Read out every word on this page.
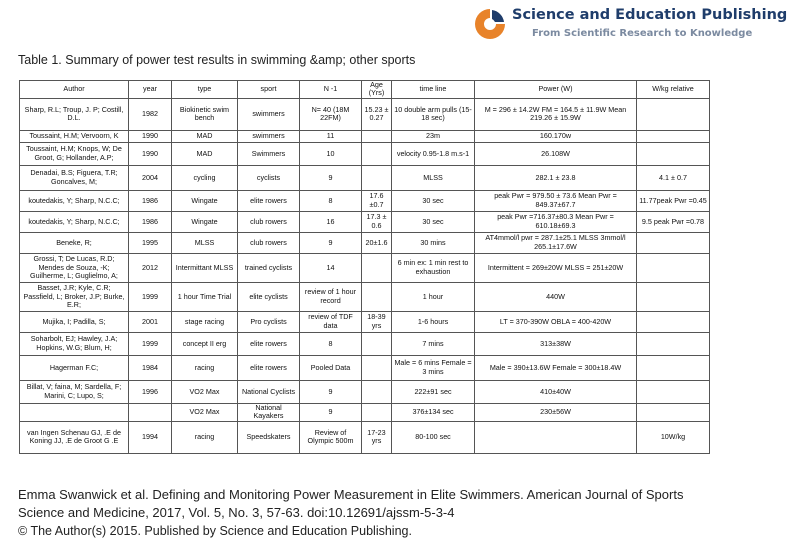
Science and Education Publishing
From Scientific Research to Knowledge
Table 1. Summary of power test results in swimming &amp; other sports
Author	year	type	sport	N -1	Age (Yrs)	time line	Power (W)	W/kg relative
Sharp, R.L; Troup, J. P; Costill, D.L.	1982	Biokinetic swim bench	swimmers	N= 40 (18M 22FM)	15.23 ± 0.27	10 double arm pulls (15-18 sec)	M = 296 ± 14.2W FM = 164.5 ± 11.9W Mean 219.26 ± 15.9W	
Toussaint, H.M; Vervoorn, K	1990	MAD	swimmers	11		23m	160.170w	
Toussaint, H.M; Knops, W; De Groot, G; Hollander, A.P;	1990	MAD	Swimmers	10		velocity 0.95-1.8 m.s-1	26.108W	
Denadai, B.S; Figuera, T.R; Goncalves, M;	2004	cycling	cyclists	9		MLSS	282.1 ± 23.8	4.1 ± 0.7
koutedakis, Y; Sharp, N.C.C;	1986	Wingate	elite rowers	8	17.6 ±0.7	30 sec	peak Pwr = 979.50 ± 73.6 Mean Pwr = 849.37±67.7	11.77peak Pwr =0.45
koutedakis, Y; Sharp, N.C.C;	1986	Wingate	club rowers	16	17.3 ± 0.6	30 sec	peak Pwr =716.37±80.3 Mean Pwr = 610.18±69.3	9.5 peak Pwr =0.78
Beneke, R;	1995	MLSS	club rowers	9	20±1.6	30 mins	AT4mmol/l pwr = 287.1±25.1 MLSS 3mmol/l 265.1±17.6W	
Grossi, T; De Lucas, R.D; Mendes de Souza, -K; Guilherme, L; Guglielmo, A;	2012	Intermittant MLSS	trained cyclists	14		6 min ex: 1 min rest to exhaustion	Intermittent = 269±20W MLSS = 251±20W	
Basset, J.R; Kyle, C.R; Passfield, L; Broker, J.P; Burke, E.R;	1999	1 hour Time Trial	elite cyclists	review of 1 hour record		1 hour	440W	
Mujika, I; Padilla, S;	2001	stage racing	Pro cyclists	review of TDF data	18-39 yrs	1-6 hours	LT = 370-390W OBLA = 400-420W	
Soharbolt, EJ; Hawley, J.A; Hopkins, W.G; Blum, H;	1999	concept II erg	elite rowers	8		7 mins	313±38W	
Hagerman F.C;	1984	racing	elite rowers	Pooled Data		Male = 6 mins Female = 3 mins	Male = 390±13.6W Female = 300±18.4W	
Billat, V; faina, M; Sardella, F; Marini, C; Lupo, S;	1996	VO2 Max	National Cyclists	9		222±91 sec	410±40W	
		VO2 Max	National Kayakers	9		376±134 sec	230±56W	
van Ingen Schenau GJ, .E de Koning JJ, .E de Groot G .E	1994	racing	Speedskaters	Review of Olympic 500m	17-23 yrs	80-100 sec		10W/kg
Emma Swanwick et al. Defining and Monitoring Power Measurement in Elite Swimmers. American Journal of Sports Science and Medicine, 2017, Vol. 5, No. 3, 57-63. doi:10.12691/ajssm-5-3-4
© The Author(s) 2015. Published by Science and Education Publishing.
